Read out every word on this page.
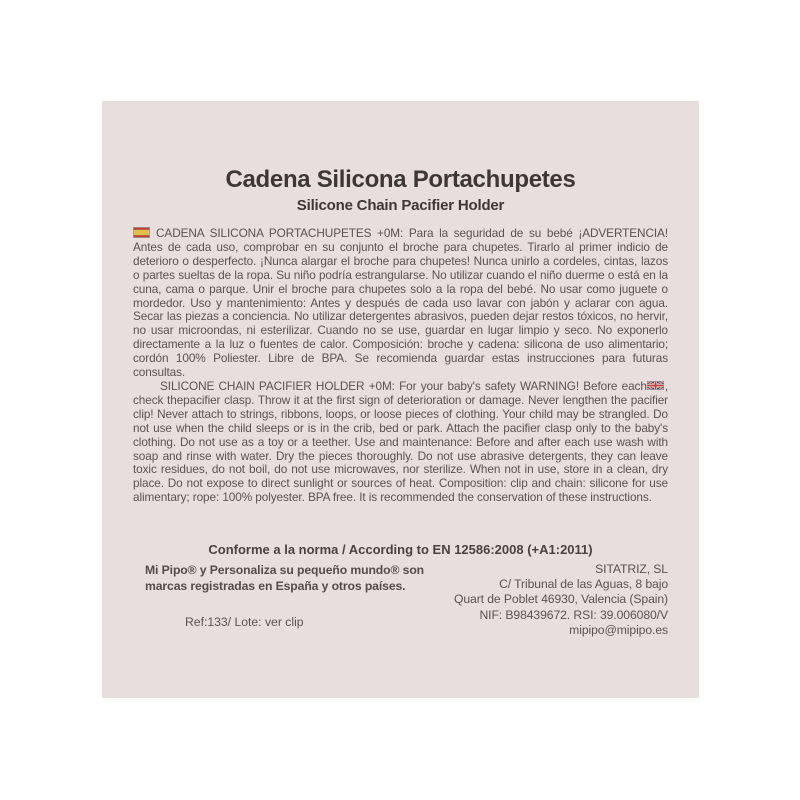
Cadena Silicona Portachupetes
Silicone Chain Pacifier Holder

CADENA SILICONA PORTACHUPETES +0M: Para la seguridad de su bebé ¡ADVERTENCIA! Antes de cada uso, comprobar en su conjunto el broche para chupetes. Tirarlo al primer indicio de deterioro o desperfecto. ¡Nunca alargar el broche para chupetes! Nunca unirlo a cordeles, cintas, lazos o partes sueltas de la ropa. Su niño podría estrangularse. No utilizar cuando el niño duerme o está en la cuna, cama o parque. Unir el broche para chupetes solo a la ropa del bebé. No usar como juguete o mordedor. Uso y mantenimiento: Antes y después de cada uso lavar con jabón y aclarar con agua. Secar las piezas a conciencia. No utilizar detergentes abrasivos, pueden dejar restos tóxicos, no hervir, no usar microondas, ni esterilizar. Cuando no se use, guardar en lugar limpio y seco. No exponerlo directamente a la luz o fuentes de calor. Composición: broche y cadena: silicona de uso alimentario; cordón 100% Poliester. Libre de BPA. Se recomienda guardar estas instrucciones para futuras consultas.

SILICONE CHAIN PACIFIER HOLDER +0M: For your baby's safety WARNING! Before each , check thepacifier clasp. Throw it at the first sign of deterioration or damage. Never lengthen the pacifier clip! Never attach to strings, ribbons, loops, or loose pieces of clothing. Your child may be strangled. Do not use when the child sleeps or is in the crib, bed or park. Attach the pacifier clasp only to the baby's clothing. Do not use as a toy or a teether. Use and maintenance: Before and after each use wash with soap and rinse with water. Dry the pieces thoroughly. Do not use abrasive detergents, they can leave toxic residues, do not boil, do not use microwaves, nor sterilize. When not in use, store in a clean, dry place. Do not expose to direct sunlight or sources of heat. Composition: clip and chain: silicone for use alimentary; rope: 100% polyester. BPA free. It is recommended the conservation of these instructions.

Conforme a la norma / According to EN 12586:2008 (+A1:2011)
Mi Pipo® y Personaliza su pequeño mundo® son
marcas registradas en España y otros países.
SITATRIZ, SL
C/ Tribunal de las Aguas, 8 bajo
Quart de Poblet 46930, Valencia (Spain)
NIF: B98439672. RSI: 39.006080/V
mipipo@mipipo.es
Ref:133/ Lote: ver clip
